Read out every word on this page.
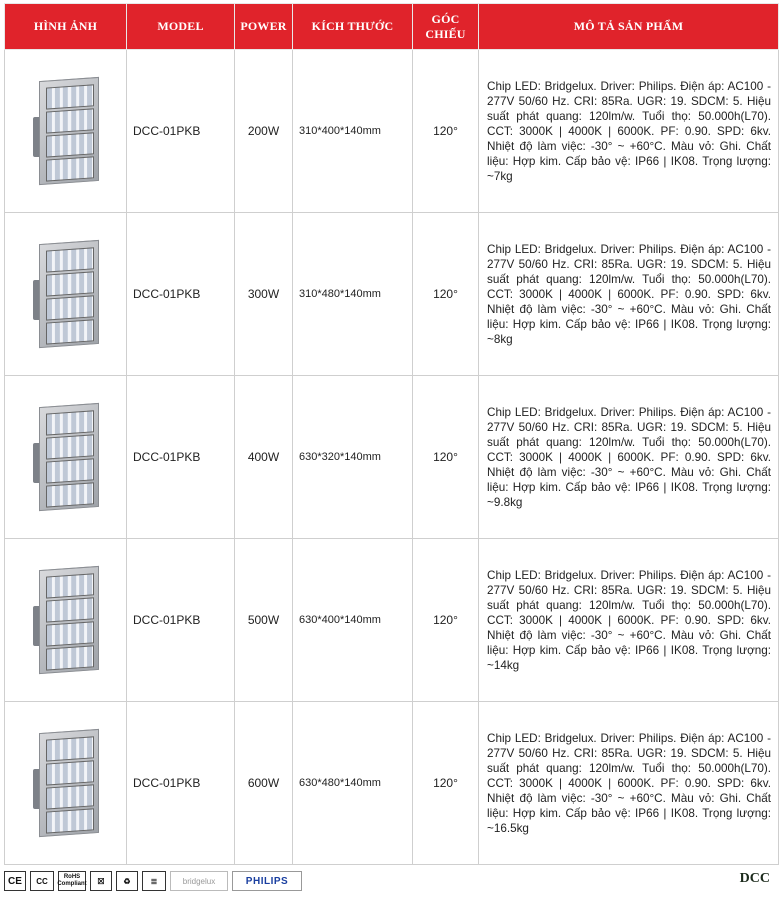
HÌNH ẢNH	MODEL	POWER	KÍCH THƯỚC	GÓC CHIẾU	MÔ TẢ SẢN PHẨM

	DCC-01PKB	200W	310*400*140mm	120°	Chip LED: Bridgelux. Driver: Philips. Điện áp: AC100 - 277V 50/60 Hz. CRI: 85Ra. UGR: 19. SDCM: 5. Hiệu suất phát quang: 120lm/w. Tuổi thọ: 50.000h(L70). CCT: 3000K | 4000K | 6000K. PF: 0.90. SPD: 6kv. Nhiệt độ làm việc: -30° ~ +60°C. Màu vỏ: Ghi. Chất liệu: Hợp kim. Cấp bảo vệ: IP66 | IK08. Trọng lượng: ~7kg

	DCC-01PKB	300W	310*480*140mm	120°	Chip LED: Bridgelux. Driver: Philips. Điện áp: AC100 - 277V 50/60 Hz. CRI: 85Ra. UGR: 19. SDCM: 5. Hiệu suất phát quang: 120lm/w. Tuổi thọ: 50.000h(L70). CCT: 3000K | 4000K | 6000K. PF: 0.90. SPD: 6kv. Nhiệt độ làm việc: -30° ~ +60°C. Màu vỏ: Ghi. Chất liệu: Hợp kim. Cấp bảo vệ: IP66 | IK08. Trọng lượng: ~8kg

	DCC-01PKB	400W	630*320*140mm	120°	Chip LED: Bridgelux. Driver: Philips. Điện áp: AC100 - 277V 50/60 Hz. CRI: 85Ra. UGR: 19. SDCM: 5. Hiệu suất phát quang: 120lm/w. Tuổi thọ: 50.000h(L70). CCT: 3000K | 4000K | 6000K. PF: 0.90. SPD: 6kv. Nhiệt độ làm việc: -30° ~ +60°C. Màu vỏ: Ghi. Chất liệu: Hợp kim. Cấp bảo vệ: IP66 | IK08. Trọng lượng: ~9.8kg

	DCC-01PKB	500W	630*400*140mm	120°	Chip LED: Bridgelux. Driver: Philips. Điện áp: AC100 - 277V 50/60 Hz. CRI: 85Ra. UGR: 19. SDCM: 5. Hiệu suất phát quang: 120lm/w. Tuổi thọ: 50.000h(L70). CCT: 3000K | 4000K | 6000K. PF: 0.90. SPD: 6kv. Nhiệt độ làm việc: -30° ~ +60°C. Màu vỏ: Ghi. Chất liệu: Hợp kim. Cấp bảo vệ: IP66 | IK08. Trọng lượng: ~14kg

	DCC-01PKB	600W	630*480*140mm	120°	Chip LED: Bridgelux. Driver: Philips. Điện áp: AC100 - 277V 50/60 Hz. CRI: 85Ra. UGR: 19. SDCM: 5. Hiệu suất phát quang: 120lm/w. Tuổi thọ: 50.000h(L70). CCT: 3000K | 4000K | 6000K. PF: 0.90. SPD: 6kv. Nhiệt độ làm việc: -30° ~ +60°C. Màu vỏ: Ghi. Chất liệu: Hợp kim. Cấp bảo vệ: IP66 | IK08. Trọng lượng: ~16.5kg
CE	CC	RoHS Compliant	☒	♻	≣	bridgelux	PHILIPS	DCC
